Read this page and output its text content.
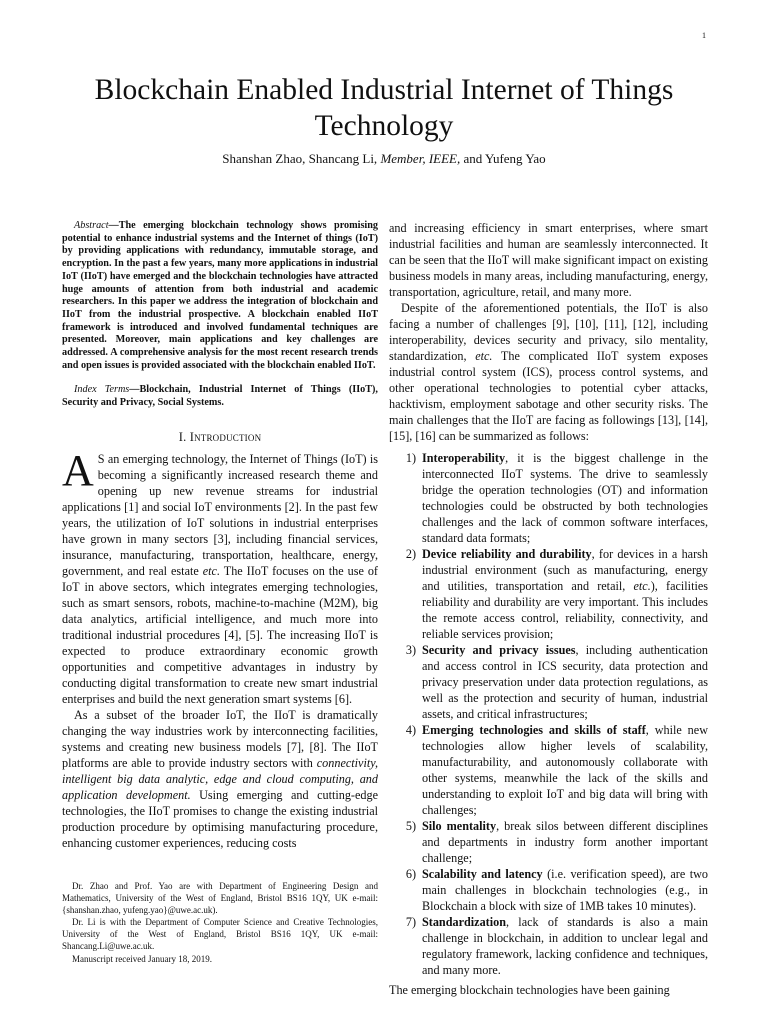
1
Blockchain Enabled Industrial Internet of Things Technology
Shanshan Zhao, Shancang Li, Member, IEEE, and Yufeng Yao

Abstract—The emerging blockchain technology shows promising potential to enhance industrial systems and the Internet of things (IoT) by providing applications with redundancy, immutable storage, and encryption. In the past a few years, many more applications in industrial IoT (IIoT) have emerged and the blockchain technologies have attracted huge amounts of attention from both industrial and academic researchers. In this paper we address the integration of blockchain and IIoT from the industrial prospective. A blockchain enabled IIoT framework is introduced and involved fundamental techniques are presented. Moreover, main applications and key challenges are addressed. A comprehensive analysis for the most recent research trends and open issues is provided associated with the blockchain enabled IIoT.

Index Terms—Blockchain, Industrial Internet of Things (IIoT), Security and Privacy, Social Systems.

I. Introduction

A S an emerging technology, the Internet of Things (IoT) is becoming a significantly increased research theme and opening up new revenue streams for industrial applications [1] and social IoT environments [2]. In the past few years, the utilization of IoT solutions in industrial enterprises have grown in many sectors [3], including financial services, insurance, manufacturing, transportation, healthcare, energy, government, and real estate etc. The IIoT focuses on the use of IoT in above sectors, which integrates emerging technologies, such as smart sensors, robots, machine-to-machine (M2M), big data analytics, artificial intelligence, and much more into traditional industrial procedures [4], [5]. The increasing IIoT is expected to produce extraordinary economic growth opportunities and competitive advantages in industry by conducting digital transformation to create new smart industrial enterprises and build the next generation smart systems [6].

As a subset of the broader IoT, the IIoT is dramatically changing the way industries work by interconnecting facilities, systems and creating new business models [7], [8]. The IIoT platforms are able to provide industry sectors with connectivity, intelligent big data analytic, edge and cloud computing, and application development. Using emerging and cutting-edge technologies, the IIoT promises to change the existing industrial production procedure by optimising manufacturing procedure, enhancing customer experiences, reducing costs

Dr. Zhao and Prof. Yao are with Department of Engineering Design and Mathematics, University of the West of England, Bristol BS16 1QY, UK e-mail: {shanshan.zhao, yufeng.yao}@uwe.ac.uk).

Dr. Li is with the Department of Computer Science and Creative Technologies, University of the West of England, Bristol BS16 1QY, UK e-mail: Shancang.Li@uwe.ac.uk.

Manuscript received January 18, 2019.

and increasing efficiency in smart enterprises, where smart industrial facilities and human are seamlessly interconnected. It can be seen that the IIoT will make significant impact on existing business models in many areas, including manufacturing, energy, transportation, agriculture, retail, and many more.

Despite of the aforementioned potentials, the IIoT is also facing a number of challenges [9], [10], [11], [12], including interoperability, devices security and privacy, silo mentality, standardization, etc. The complicated IIoT system exposes industrial control system (ICS), process control systems, and other operational technologies to potential cyber attacks, hacktivism, employment sabotage and other security risks. The main challenges that the IIoT are facing as followings [13], [14], [15], [16] can be summarized as follows:

1) Interoperability, it is the biggest challenge in the interconnected IIoT systems. The drive to seamlessly bridge the operation technologies (OT) and information technologies could be obstructed by both technologies challenges and the lack of common software interfaces, standard data formats;
2) Device reliability and durability, for devices in a harsh industrial environment (such as manufacturing, energy and utilities, transportation and retail, etc.), facilities reliability and durability are very important. This includes the remote access control, reliability, connectivity, and reliable services provision;
3) Security and privacy issues, including authentication and access control in ICS security, data protection and privacy preservation under data protection regulations, as well as the protection and security of human, industrial assets, and critical infrastructures;
4) Emerging technologies and skills of staff, while new technologies allow higher levels of scalability, manufacturability, and autonomously collaborate with other systems, meanwhile the lack of the skills and understanding to exploit IoT and big data will bring with challenges;
5) Silo mentality, break silos between different disciplines and departments in industry form another important challenge;
6) Scalability and latency (i.e. verification speed), are two main challenges in blockchain technologies (e.g., in Blockchain a block with size of 1MB takes 10 minutes).
7) Standardization, lack of standards is also a main challenge in blockchain, in addition to unclear legal and regulatory framework, lacking confidence and techniques, and many more.

The emerging blockchain technologies have been gaining
